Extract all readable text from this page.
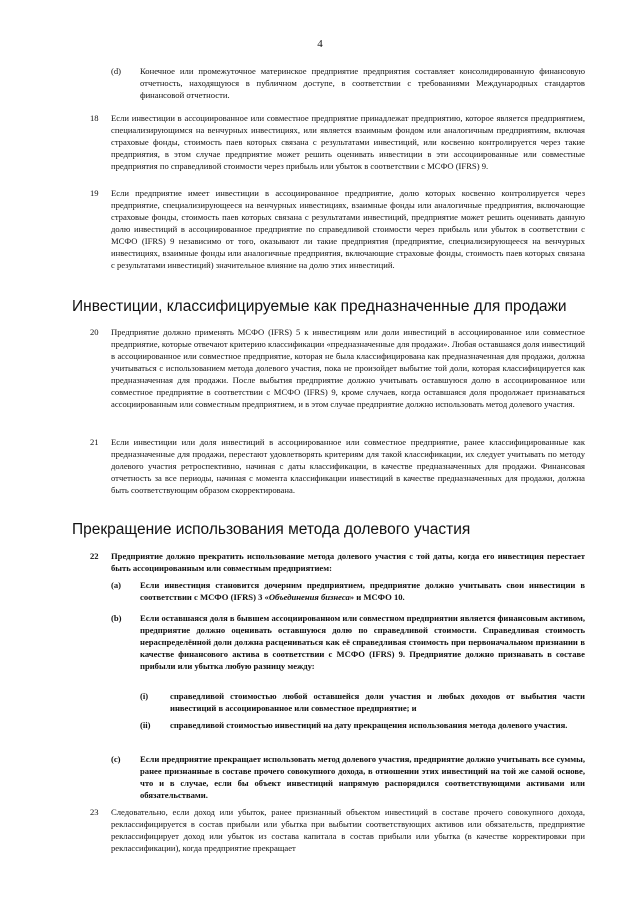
4
(d) Конечное или промежуточное материнское предприятие предприятия составляет консолидированную финансовую отчетность, находящуюся в публичном доступе, в соответствии с требованиями Международных стандартов финансовой отчетности.
18 Если инвестиции в ассоциированное или совместное предприятие принадлежат предприятию, которое является предприятием, специализирующимся на венчурных инвестициях, или является взаимным фондом или аналогичным предприятиям, включая страховые фонды, стоимость паев которых связана с результатами инвестиций, или косвенно контролируется через такие предприятия, в этом случае предприятие может решить оценивать инвестиции в эти ассоциированные или совместные предприятия по справедливой стоимости через прибыль или убыток в соответствии с МСФО (IFRS) 9.
19 Если предприятие имеет инвестиции в ассоциированное предприятие, долю которых косвенно контролируется через предприятие, специализирующееся на венчурных инвестициях, взаимные фонды или аналогичные предприятия, включающие страховые фонды, стоимость паев которых связана с результатами инвестиций, предприятие может решить оценивать данную долю инвестиций в ассоциированное предприятие по справедливой стоимости через прибыль или убыток в соответствии с МСФО (IFRS) 9 независимо от того, оказывают ли такие предприятия (предприятие, специализирующееся на венчурных инвестициях, взаимные фонды или аналогичные предприятия, включающие страховые фонды, стоимость паев которых связана с результатами инвестиций) значительное влияние на долю этих инвестиций.
Инвестиции, классифицируемые как предназначенные для продажи
20 Предприятие должно применять МСФО (IFRS) 5 к инвестициям или доли инвестиций в ассоциированное или совместное предприятие, которые отвечают критерию классификации «предназначенные для продажи». Любая оставшаяся доля инвестиций в ассоциированное или совместное предприятие, которая не была классифицирована как предназначенная для продажи, должна учитываться с использованием метода долевого участия, пока не произойдет выбытие той доли, которая классифицируется как предназначенная для продажи. После выбытия предприятие должно учитывать оставшуюся долю в ассоциированное или совместное предприятие в соответствии с МСФО (IFRS) 9, кроме случаев, когда оставшаяся доля продолжает признаваться ассоциированным или совместным предприятием, и в этом случае предприятие должно использовать метод долевого участия.
21 Если инвестиции или доля инвестиций в ассоциированное или совместное предприятие, ранее классифицированные как предназначенные для продажи, перестают удовлетворять критериям для такой классификации, их следует учитывать по методу долевого участия ретроспективно, начиная с даты классификации, в качестве предназначенных для продажи. Финансовая отчетность за все периоды, начиная с момента классификации инвестиций в качестве предназначенных для продажи, должна быть соответствующим образом скорректирована.
Прекращение использования метода долевого участия
22 Предприятие должно прекратить использование метода долевого участия с той даты, когда его инвестиция перестает быть ассоциированным или совместным предприятием:
(a) Если инвестиция становится дочерним предприятием, предприятие должно учитывать свои инвестиции в соответствии с МСФО (IFRS) 3 «Объединения бизнеса» и МСФО 10.
(b) Если оставшаяся доля в бывшем ассоциированном или совместном предприятии является финансовым активом, предприятие должно оценивать оставшуюся долю по справедливой стоимости. Справедливая стоимость нераспределённой доли должна расцениваться как её справедливая стоимость при первоначальном признании в качестве финансового актива в соответствии с МСФО (IFRS) 9. Предприятие должно признавать в составе прибыли или убытка любую разницу между:
(i)	справедливой стоимостью любой оставшейся доли участия и любых доходов от выбытия части инвестиций в ассоциированное или совместное предприятие; и
(ii) справедливой стоимостью инвестиций на дату прекращения использования метода долевого участия.
(c) Если предприятие прекращает использовать метод долевого участия, предприятие должно учитывать все суммы, ранее признанные в составе прочего совокупного дохода, в отношении этих инвестиций на той же самой основе, что и в случае, если бы объект инвестиций напрямую распорядился соответствующими активами или обязательствами.
23 Следовательно, если доход или убыток, ранее признанный объектом инвестиций в составе прочего совокупного дохода, реклассифицируется в состав прибыли или убытка при выбытии соответствующих активов или обязательств, предприятие реклассифицирует доход или убыток из состава капитала в состав прибыли или убытка (в качестве корректировки при реклассификации), когда предприятие прекращает
